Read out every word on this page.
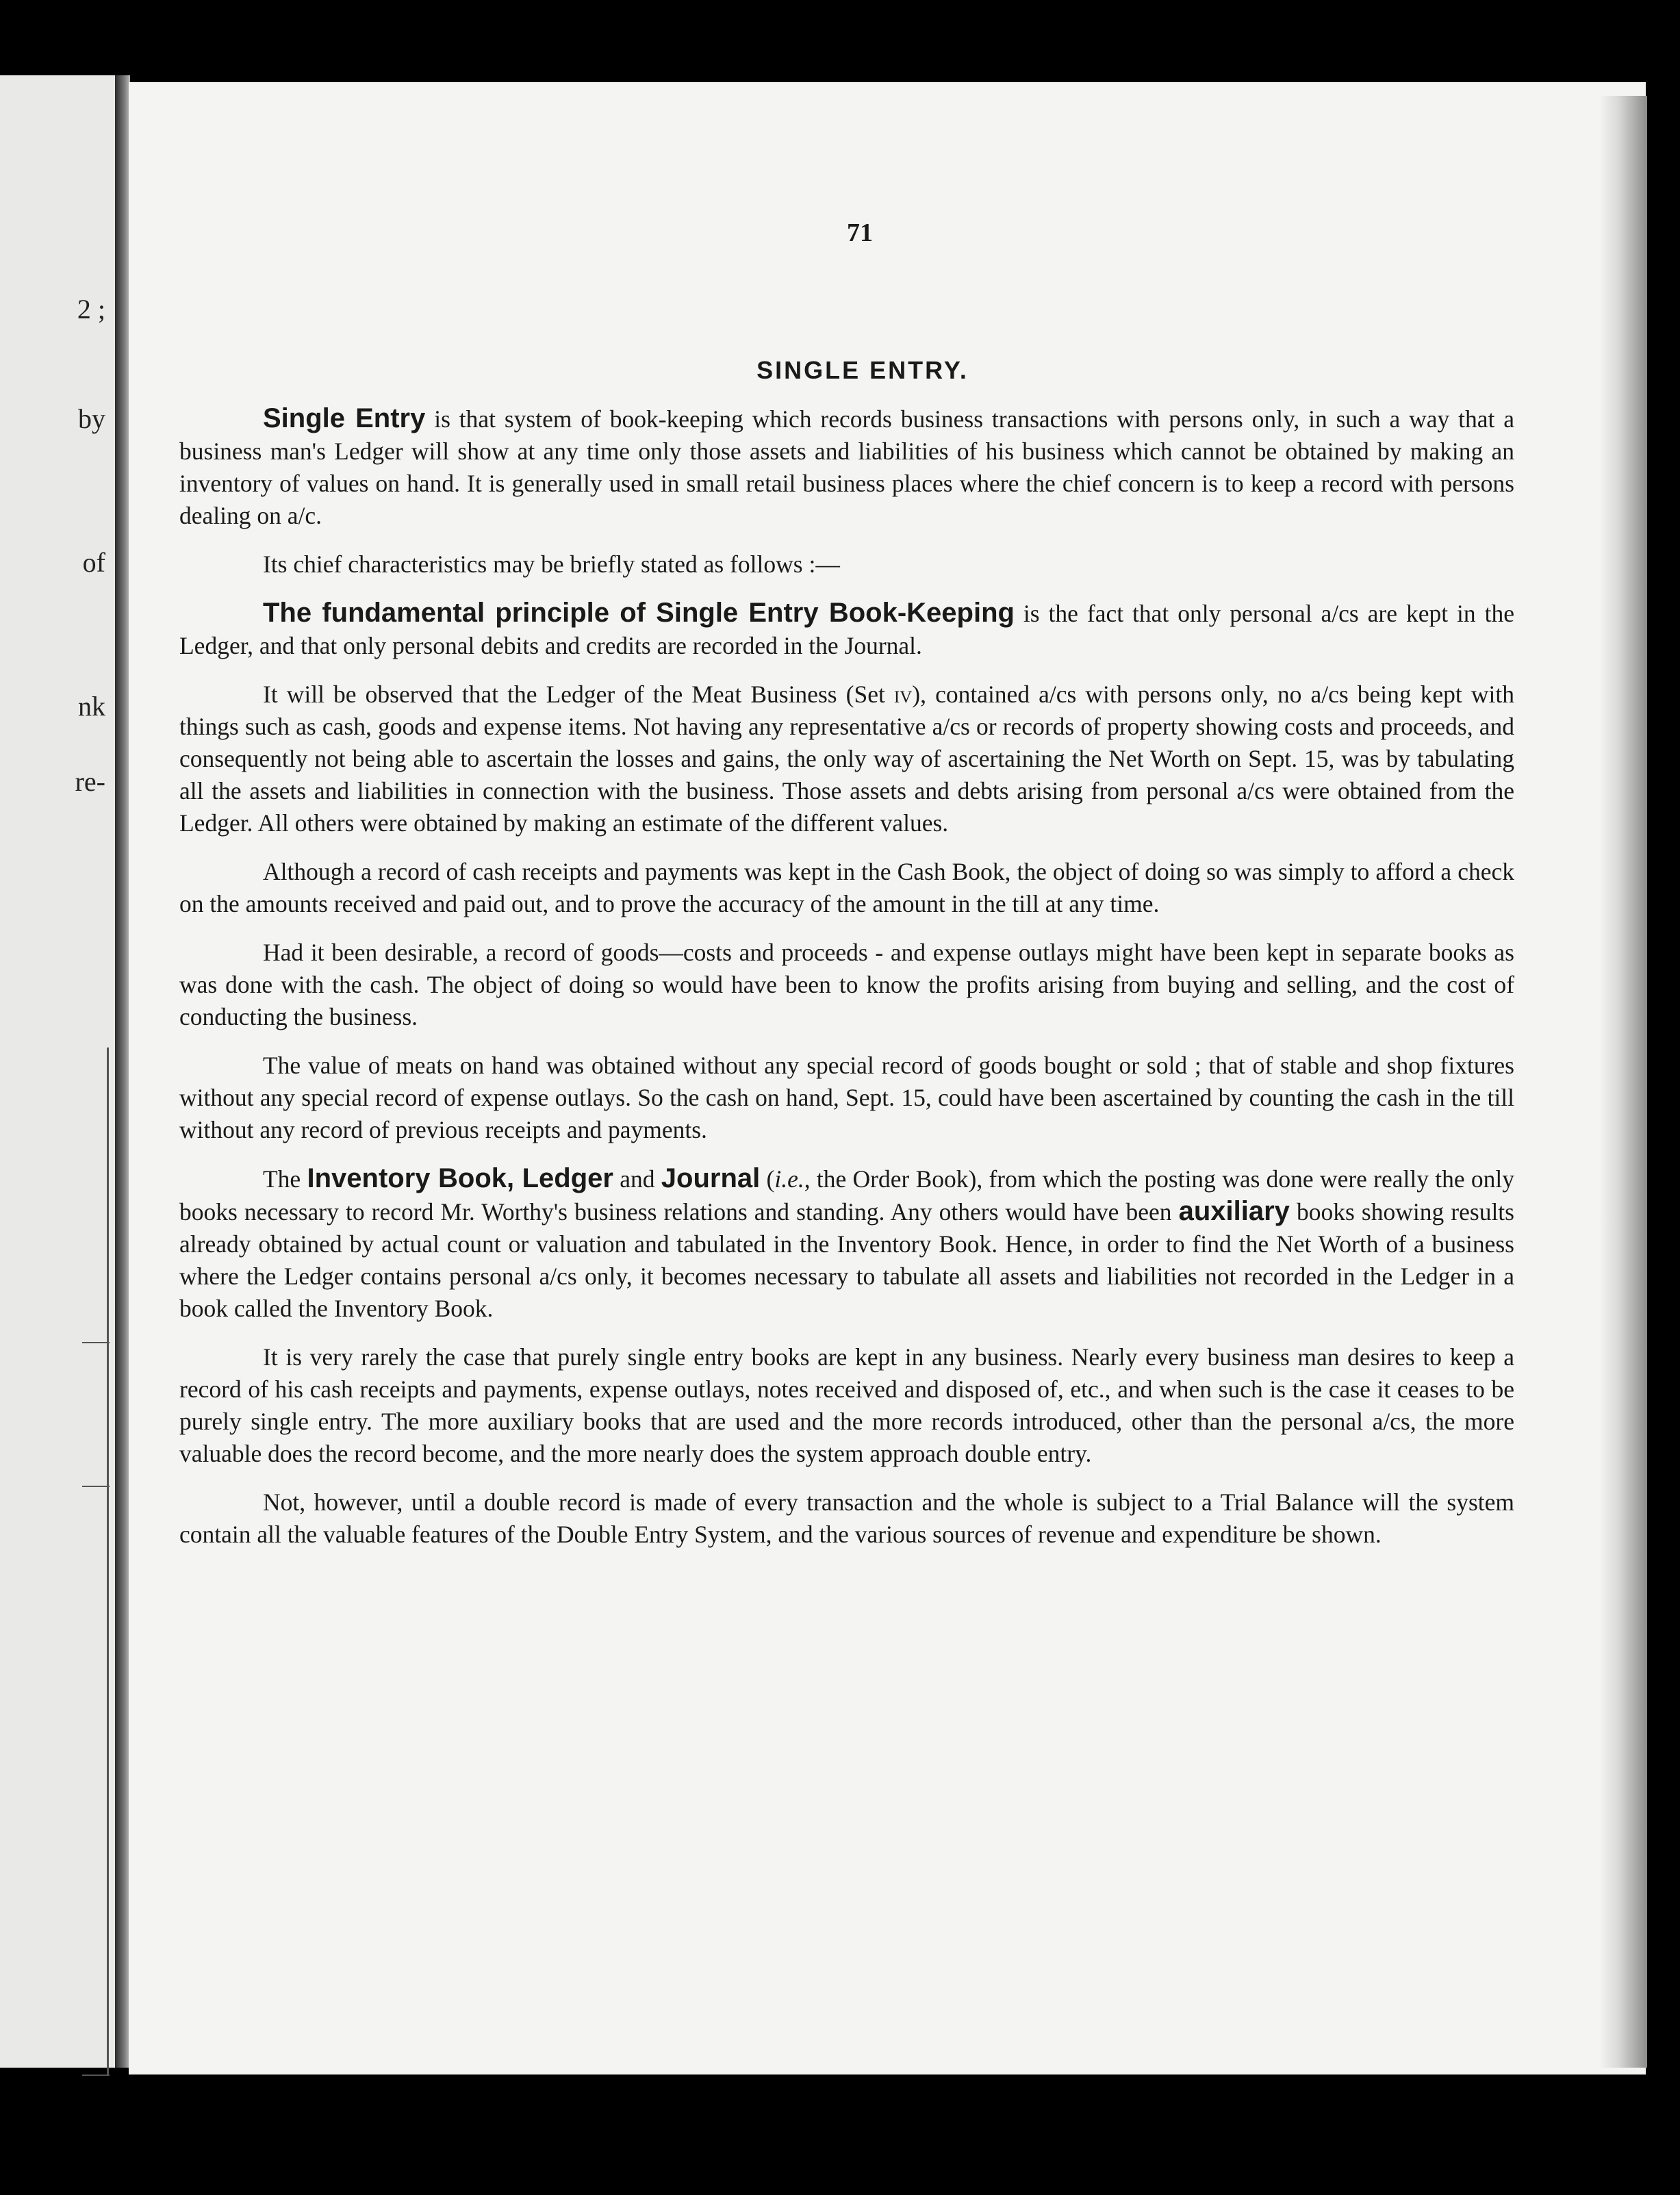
2 ;
by
of
nk
re-
71
SINGLE ENTRY.

Single Entry is that system of book-keeping which records business transactions with persons only, in such a way that a business man's Ledger will show at any time only those assets and liabilities of his business which cannot be obtained by making an inventory of values on hand. It is generally used in small retail business places where the chief concern is to keep a record with persons dealing on a/c.

Its chief characteristics may be briefly stated as follows :—

The fundamental principle of Single Entry Book-Keeping is the fact that only personal a/cs are kept in the Ledger, and that only personal debits and credits are recorded in the Journal.

It will be observed that the Ledger of the Meat Business (Set iv), contained a/cs with persons only, no a/cs being kept with things such as cash, goods and expense items. Not having any representative a/cs or records of property showing costs and proceeds, and consequently not being able to ascertain the losses and gains, the only way of ascertaining the Net Worth on Sept. 15, was by tabulating all the assets and liabilities in connection with the business. Those assets and debts arising from personal a/cs were obtained from the Ledger. All others were obtained by making an estimate of the different values.

Although a record of cash receipts and payments was kept in the Cash Book, the object of doing so was simply to afford a check on the amounts received and paid out, and to prove the accuracy of the amount in the till at any time.

Had it been desirable, a record of goods—costs and proceeds - and expense outlays might have been kept in separate books as was done with the cash. The object of doing so would have been to know the profits arising from buying and selling, and the cost of conducting the business.

The value of meats on hand was obtained without any special record of goods bought or sold ; that of stable and shop fixtures without any special record of expense outlays. So the cash on hand, Sept. 15, could have been ascertained by counting the cash in the till without any record of previous receipts and payments.

The Inventory Book, Ledger and Journal (i.e., the Order Book), from which the posting was done were really the only books necessary to record Mr. Worthy's business relations and standing. Any others would have been auxiliary books showing results already obtained by actual count or valuation and tabulated in the Inventory Book. Hence, in order to find the Net Worth of a business where the Ledger contains personal a/cs only, it becomes necessary to tabulate all assets and liabilities not recorded in the Ledger in a book called the Inventory Book.

It is very rarely the case that purely single entry books are kept in any business. Nearly every business man desires to keep a record of his cash receipts and payments, expense outlays, notes received and disposed of, etc., and when such is the case it ceases to be purely single entry. The more auxiliary books that are used and the more records introduced, other than the personal a/cs, the more valuable does the record become, and the more nearly does the system approach double entry.

Not, however, until a double record is made of every transaction and the whole is subject to a Trial Balance will the system contain all the valuable features of the Double Entry System, and the various sources of revenue and expenditure be shown.
